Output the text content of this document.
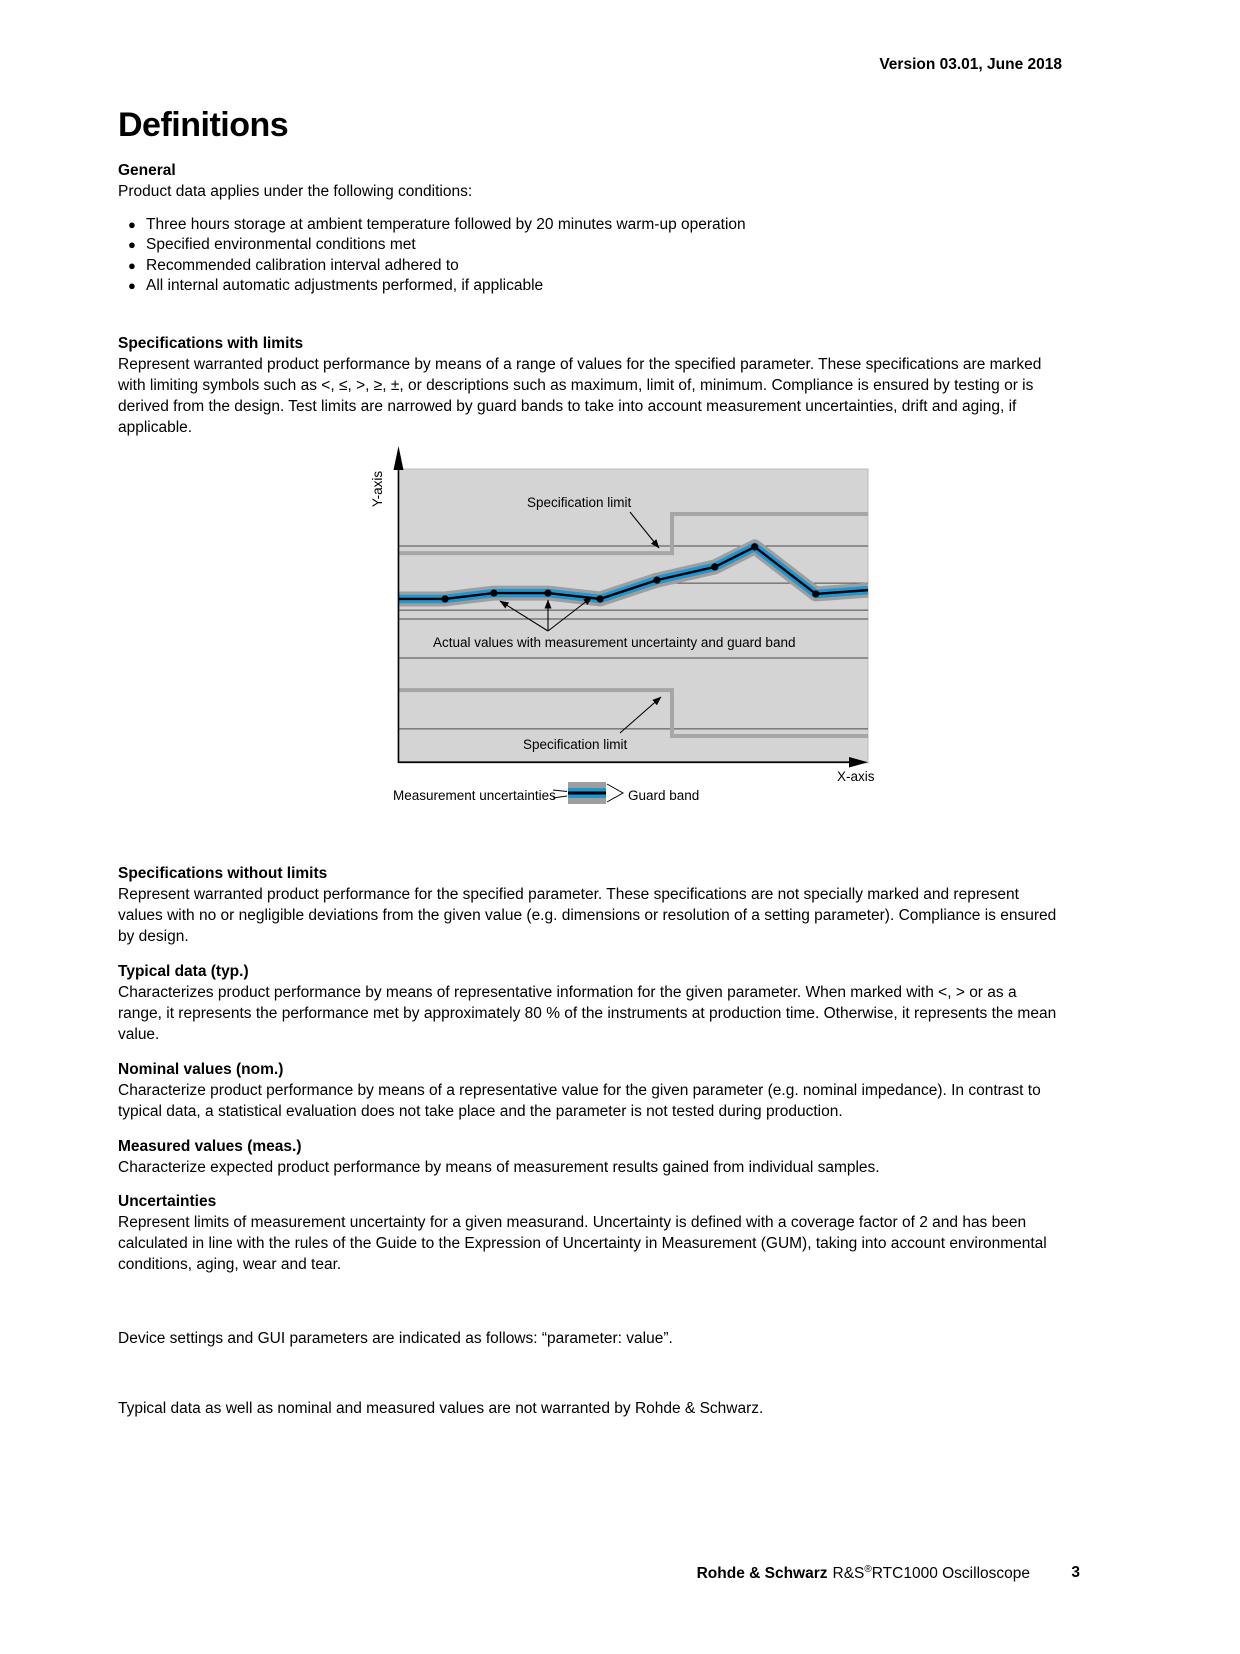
Version 03.01, June 2018
Definitions
General

Product data applies under the following conditions:

● Three hours storage at ambient temperature followed by 20 minutes warm-up operation
● Specified environmental conditions met
● Recommended calibration interval adhered to
● All internal automatic adjustments performed, if applicable
Specifications with limits

Represent warranted product performance by means of a range of values for the specified parameter. These specifications are marked with limiting symbols such as <, ≤, >, ≥, ±, or descriptions such as maximum, limit of, minimum. Compliance is ensured by testing or is derived from the design. Test limits are narrowed by guard bands to take into account measurement uncertainties, drift and aging, if applicable.

Y-axis
X-axis
Specification limit
Specification limit
Actual values with measurement uncertainty and guard band
Measurement uncertainties	Guard band
Specifications without limits

Represent warranted product performance for the specified parameter. These specifications are not specially marked and represent values with no or negligible deviations from the given value (e.g. dimensions or resolution of a setting parameter). Compliance is ensured by design.

Typical data (typ.)

Characterizes product performance by means of representative information for the given parameter. When marked with <, > or as a range, it represents the performance met by approximately 80 % of the instruments at production time. Otherwise, it represents the mean value.

Nominal values (nom.)

Characterize product performance by means of a representative value for the given parameter (e.g. nominal impedance). In contrast to typical data, a statistical evaluation does not take place and the parameter is not tested during production.

Measured values (meas.)

Characterize expected product performance by means of measurement results gained from individual samples.

Uncertainties

Represent limits of measurement uncertainty for a given measurand. Uncertainty is defined with a coverage factor of 2 and has been calculated in line with the rules of the Guide to the Expression of Uncertainty in Measurement (GUM), taking into account environmental conditions, aging, wear and tear.

Device settings and GUI parameters are indicated as follows: “parameter: value”.

Typical data as well as nominal and measured values are not warranted by Rohde & Schwarz.

Rohde & Schwarz R&S®RTC1000 Oscilloscope	3
